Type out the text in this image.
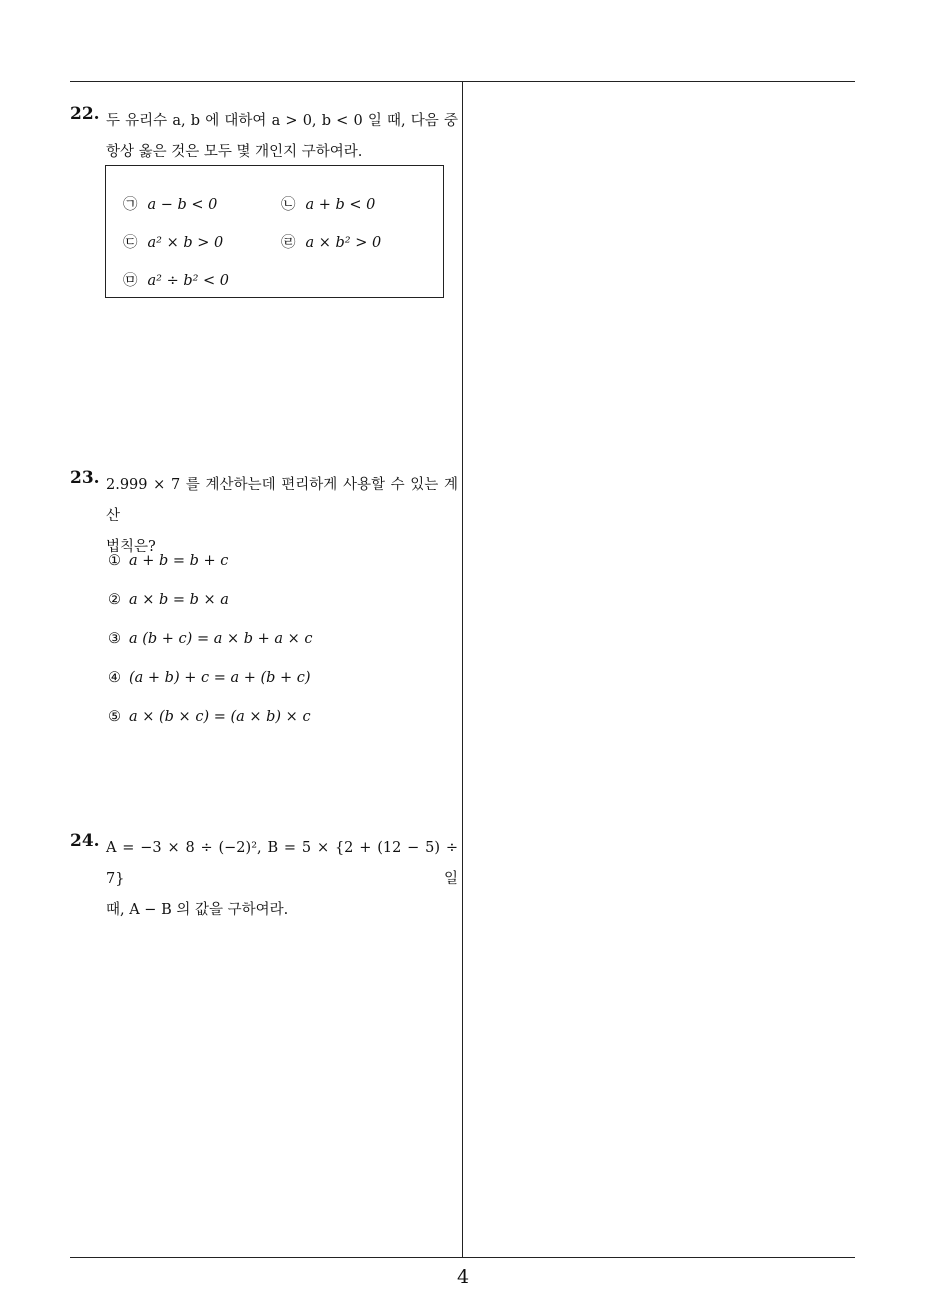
22. 두 유리수 a, b 에 대하여 a > 0, b < 0 일 때, 다음 중
항상 옳은 것은 모두 몇 개인지 구하여라.
㉠ a − b < 0	㉡ a + b < 0
㉢ a² × b > 0	㉣ a × b² > 0
㉤ a² ÷ b² < 0
23. 2.999 × 7 를 계산하는데 편리하게 사용할 수 있는 계산
법칙은?
① a + b = b + c
② a × b = b × a
③ a (b + c) = a × b + a × c
④ (a + b) + c = a + (b + c)
⑤ a × (b × c) = (a × b) × c
24. A = −3 × 8 ÷ (−2)², B = 5 × {2 + (12 − 5) ÷ 7} 일
때, A − B 의 값을 구하여라.
4
